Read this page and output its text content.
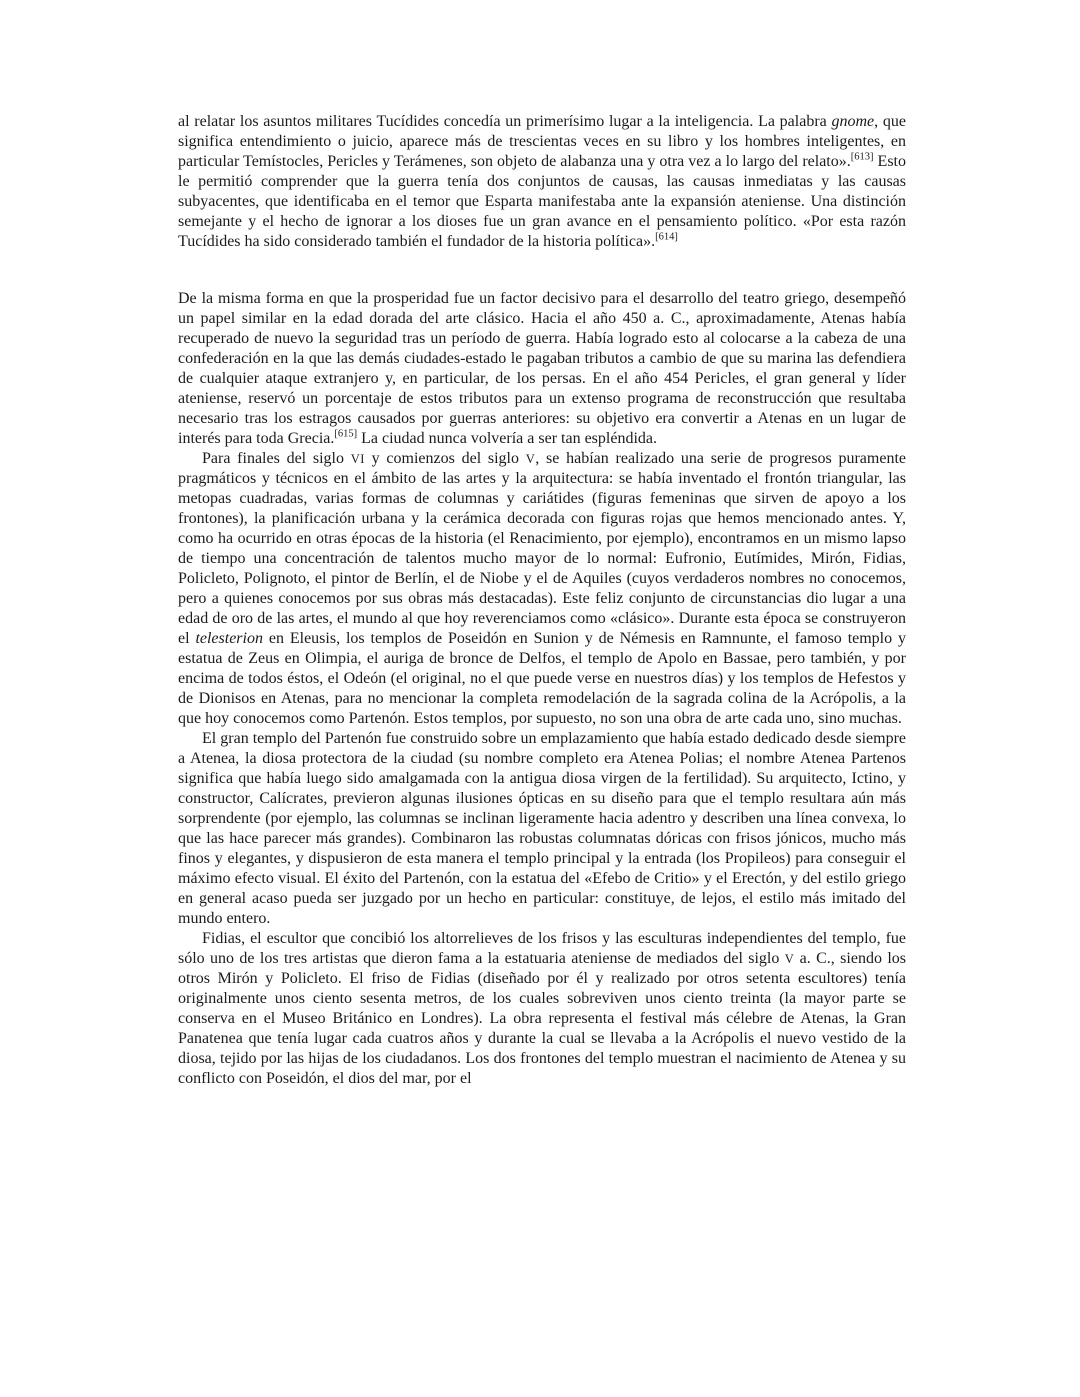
al relatar los asuntos militares Tucídides concedía un primerísimo lugar a la inteligencia. La palabra gnome, que significa entendimiento o juicio, aparece más de trescientas veces en su libro y los hombres inteligentes, en particular Temístocles, Pericles y Terámenes, son objeto de alabanza una y otra vez a lo largo del relato».[613] Esto le permitió comprender que la guerra tenía dos conjuntos de causas, las causas inmediatas y las causas subyacentes, que identificaba en el temor que Esparta manifestaba ante la expansión ateniense. Una distinción semejante y el hecho de ignorar a los dioses fue un gran avance en el pensamiento político. «Por esta razón Tucídides ha sido considerado también el fundador de la historia política».[614]

De la misma forma en que la prosperidad fue un factor decisivo para el desarrollo del teatro griego, desempeñó un papel similar en la edad dorada del arte clásico. Hacia el año 450 a. C., aproximadamente, Atenas había recuperado de nuevo la seguridad tras un período de guerra. Había logrado esto al colocarse a la cabeza de una confederación en la que las demás ciudades-estado le pagaban tributos a cambio de que su marina las defendiera de cualquier ataque extranjero y, en particular, de los persas. En el año 454 Pericles, el gran general y líder ateniense, reservó un porcentaje de estos tributos para un extenso programa de reconstrucción que resultaba necesario tras los estragos causados por guerras anteriores: su objetivo era convertir a Atenas en un lugar de interés para toda Grecia.[615] La ciudad nunca volvería a ser tan espléndida.

Para finales del siglo VI y comienzos del siglo V, se habían realizado una serie de progresos puramente pragmáticos y técnicos en el ámbito de las artes y la arquitectura: se había inventado el frontón triangular, las metopas cuadradas, varias formas de columnas y cariátides (figuras femeninas que sirven de apoyo a los frontones), la planificación urbana y la cerámica decorada con figuras rojas que hemos mencionado antes. Y, como ha ocurrido en otras épocas de la historia (el Renacimiento, por ejemplo), encontramos en un mismo lapso de tiempo una concentración de talentos mucho mayor de lo normal: Eufronio, Eutímides, Mirón, Fidias, Policleto, Polignoto, el pintor de Berlín, el de Niobe y el de Aquiles (cuyos verdaderos nombres no conocemos, pero a quienes conocemos por sus obras más destacadas). Este feliz conjunto de circunstancias dio lugar a una edad de oro de las artes, el mundo al que hoy reverenciamos como «clásico». Durante esta época se construyeron el telesterion en Eleusis, los templos de Poseidón en Sunion y de Némesis en Ramnunte, el famoso templo y estatua de Zeus en Olimpia, el auriga de bronce de Delfos, el templo de Apolo en Bassae, pero también, y por encima de todos éstos, el Odeón (el original, no el que puede verse en nuestros días) y los templos de Hefestos y de Dionisos en Atenas, para no mencionar la completa remodelación de la sagrada colina de la Acrópolis, a la que hoy conocemos como Partenón. Estos templos, por supuesto, no son una obra de arte cada uno, sino muchas.

El gran templo del Partenón fue construido sobre un emplazamiento que había estado dedicado desde siempre a Atenea, la diosa protectora de la ciudad (su nombre completo era Atenea Polias; el nombre Atenea Partenos significa que había luego sido amalgamada con la antigua diosa virgen de la fertilidad). Su arquitecto, Ictino, y constructor, Calícrates, previeron algunas ilusiones ópticas en su diseño para que el templo resultara aún más sorprendente (por ejemplo, las columnas se inclinan ligeramente hacia adentro y describen una línea convexa, lo que las hace parecer más grandes). Combinaron las robustas columnatas dóricas con frisos jónicos, mucho más finos y elegantes, y dispusieron de esta manera el templo principal y la entrada (los Propileos) para conseguir el máximo efecto visual. El éxito del Partenón, con la estatua del «Efebo de Critio» y el Erectón, y del estilo griego en general acaso pueda ser juzgado por un hecho en particular: constituye, de lejos, el estilo más imitado del mundo entero.

Fidias, el escultor que concibió los altorrelieves de los frisos y las esculturas independientes del templo, fue sólo uno de los tres artistas que dieron fama a la estatuaria ateniense de mediados del siglo V a. C., siendo los otros Mirón y Policleto. El friso de Fidias (diseñado por él y realizado por otros setenta escultores) tenía originalmente unos ciento sesenta metros, de los cuales sobreviven unos ciento treinta (la mayor parte se conserva en el Museo Británico en Londres). La obra representa el festival más célebre de Atenas, la Gran Panatenea que tenía lugar cada cuatros años y durante la cual se llevaba a la Acrópolis el nuevo vestido de la diosa, tejido por las hijas de los ciudadanos. Los dos frontones del templo muestran el nacimiento de Atenea y su conflicto con Poseidón, el dios del mar, por el
